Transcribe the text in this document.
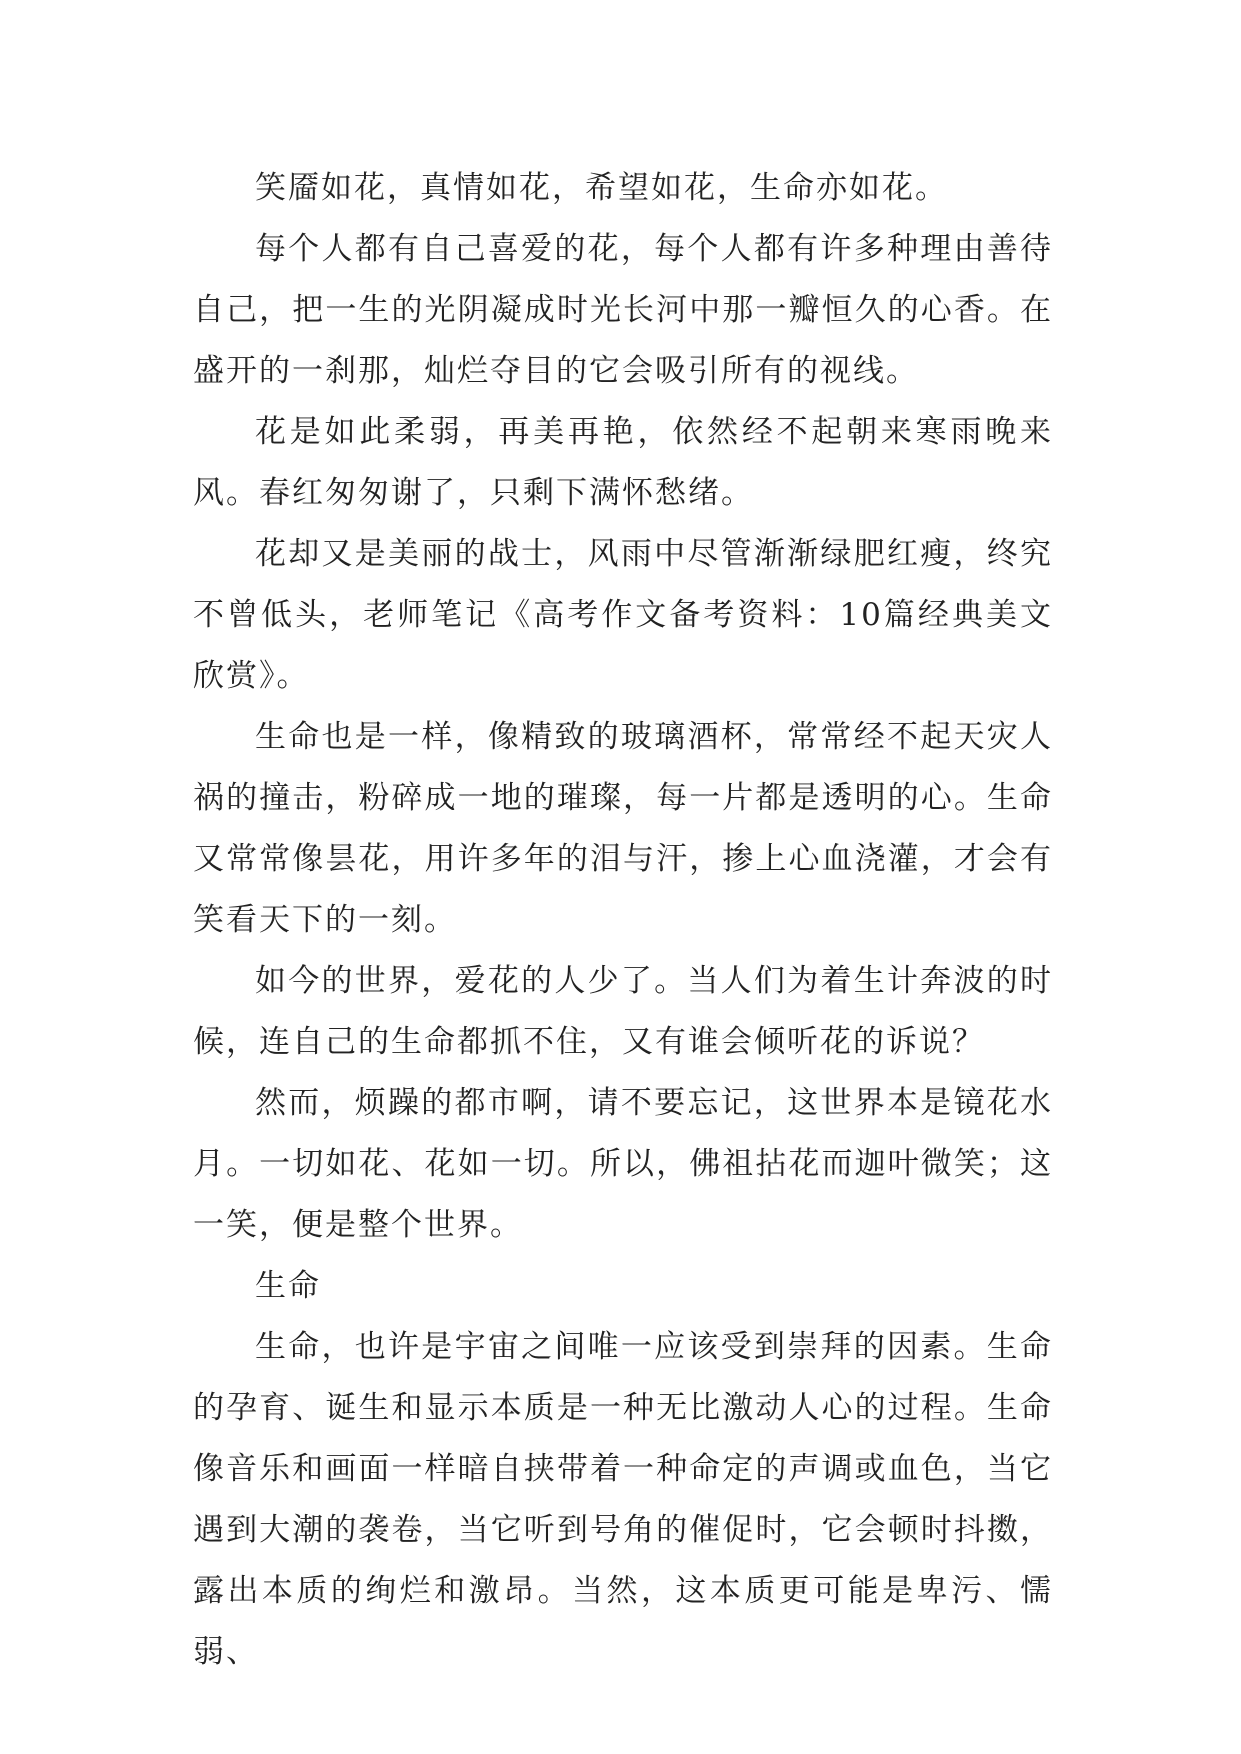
笑靥如花，真情如花，希望如花，生命亦如花。

每个人都有自己喜爱的花，每个人都有许多种理由善待自己，把一生的光阴凝成时光长河中那一瓣恒久的心香。在盛开的一刹那，灿烂夺目的它会吸引所有的视线。

花是如此柔弱，再美再艳，依然经不起朝来寒雨晚来风。春红匆匆谢了，只剩下满怀愁绪。

花却又是美丽的战士，风雨中尽管渐渐绿肥红瘦，终究不曾低头，老师笔记《高考作文备考资料：10篇经典美文欣赏》。

生命也是一样，像精致的玻璃酒杯，常常经不起天灾人祸的撞击，粉碎成一地的璀璨，每一片都是透明的心。生命又常常像昙花，用许多年的泪与汗，掺上心血浇灌，才会有笑看天下的一刻。

如今的世界，爱花的人少了。当人们为着生计奔波的时候，连自己的生命都抓不住，又有谁会倾听花的诉说？

然而，烦躁的都市啊，请不要忘记，这世界本是镜花水月。一切如花、花如一切。所以，佛祖拈花而迦叶微笑；这一笑，便是整个世界。

生命

生命，也许是宇宙之间唯一应该受到崇拜的因素。生命的孕育、诞生和显示本质是一种无比激动人心的过程。生命像音乐和画面一样暗自挟带着一种命定的声调或血色，当它遇到大潮的袭卷，当它听到号角的催促时，它会顿时抖擞，露出本质的绚烂和激昂。当然，这本质更可能是卑污、懦弱、
